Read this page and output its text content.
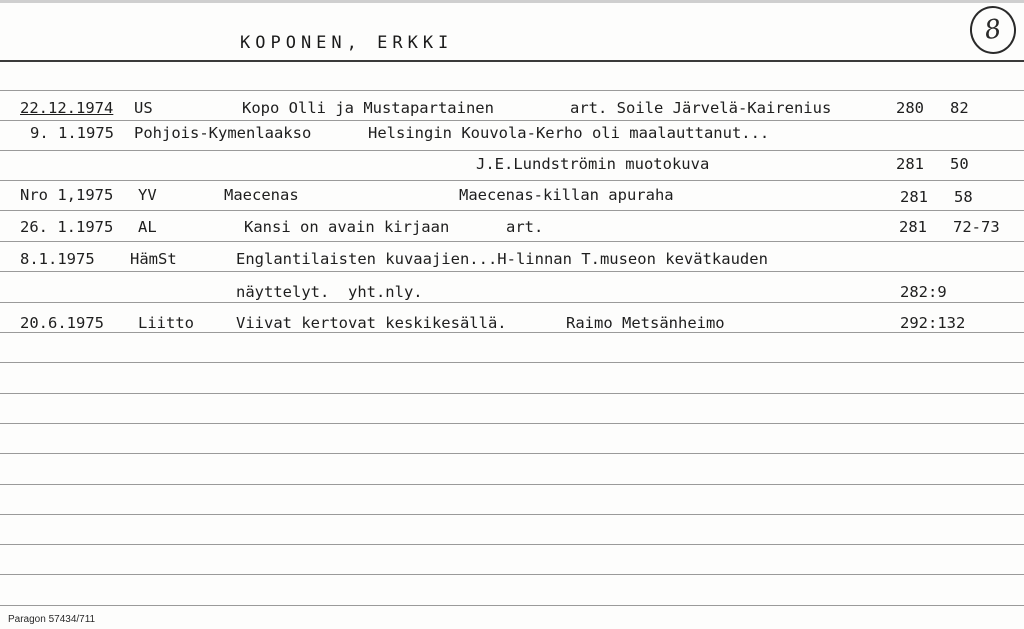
KOPONEN, ERKKI	8
22.12.1974 US	Kopo Olli ja Mustapartainen	art. Soile Järvelä-Kairenius	280 82
9. 1.1975 Pohjois-Kymenlaakso	Helsingin Kouvola-Kerho oli maalauttanut...
J.E.Lundströmin muotokuva	281 50
Nro 1,1975 YV	Maecenas	Maecenas-killan apuraha	281 58
26. 1.1975 AL	Kansi on avain kirjaan	art.	281 72-73
8.1.1975 HämSt	Englantilaisten kuvaajien...H-linnan T.museon kevätkauden
näyttelyt.  yht.nly.	282:9
20.6.1975 Liitto	Viivat kertovat keskikesällä.	Raimo Metsänheimo	292:132
Paragon 57434/711
